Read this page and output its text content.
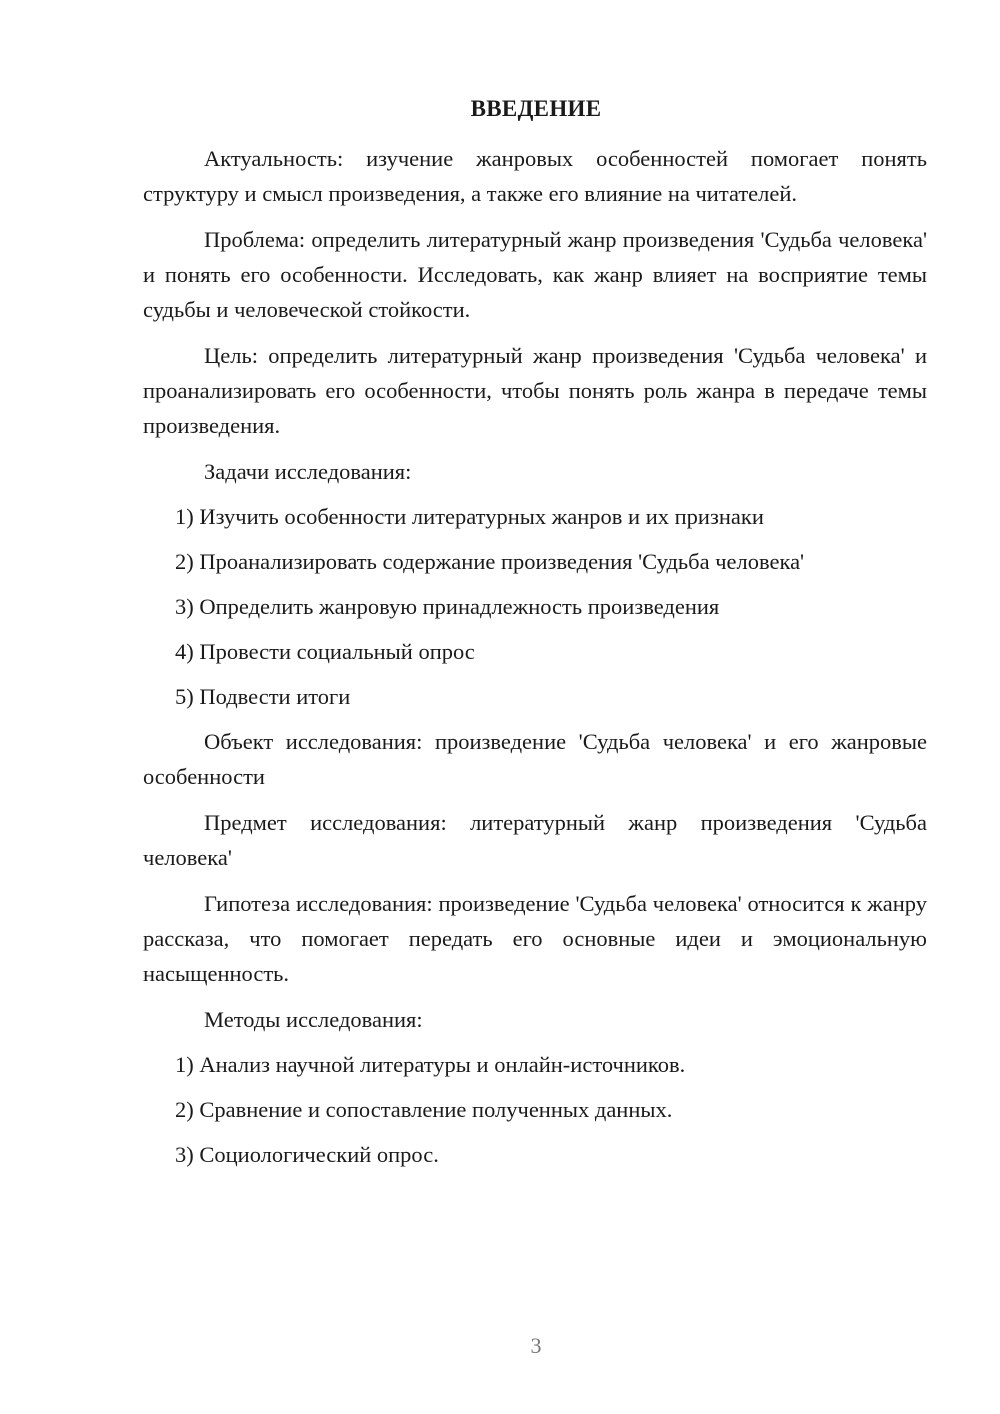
ВВЕДЕНИЕ

Актуальность: изучение жанровых особенностей помогает понять структуру и смысл произведения, а также его влияние на читателей.

Проблема: определить литературный жанр произведения 'Судьба человека' и понять его особенности. Исследовать, как жанр влияет на восприятие темы судьбы и человеческой стойкости.

Цель: определить литературный жанр произведения 'Судьба человека' и проанализировать его особенности, чтобы понять роль жанра в передаче темы произведения.

Задачи исследования:

1) Изучить особенности литературных жанров и их признаки
2) Проанализировать содержание произведения 'Судьба человека'
3) Определить жанровую принадлежность произведения
4) Провести социальный опрос
5) Подвести итоги

Объект исследования: произведение 'Судьба человека' и его жанровые особенности

Предмет исследования: литературный жанр произведения 'Судьба человека'

Гипотеза исследования: произведение 'Судьба человека' относится к жанру рассказа, что помогает передать его основные идеи и эмоциональную насыщенность.

Методы исследования:

1) Анализ научной литературы и онлайн-источников.
2) Сравнение и сопоставление полученных данных.
3) Социологический опрос.
3
